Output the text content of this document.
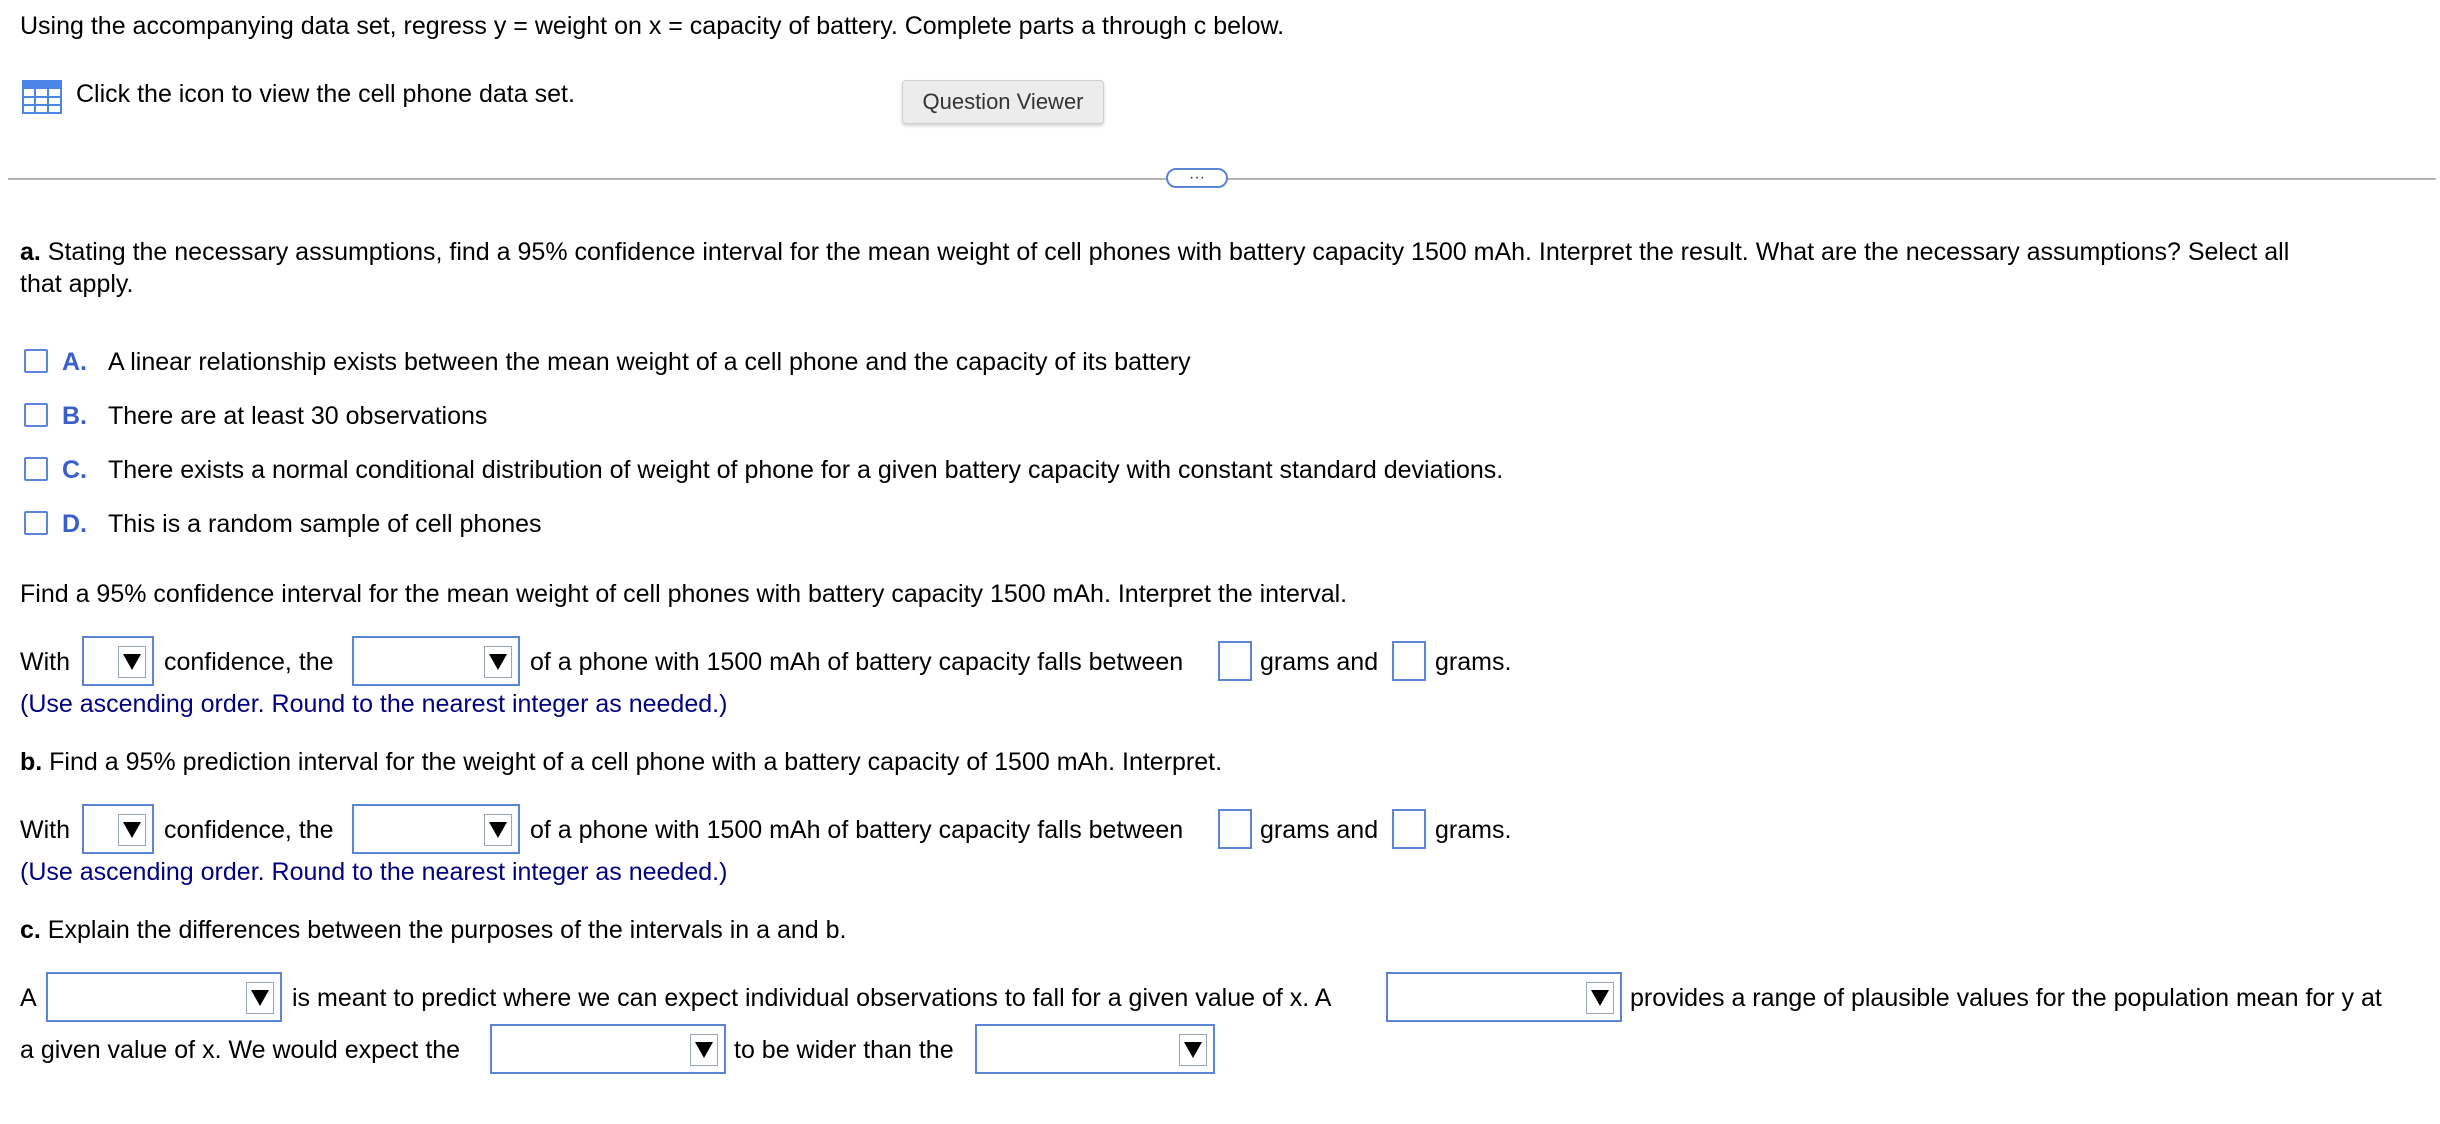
Using the accompanying data set, regress y = weight on x = capacity of battery. Complete parts a through c below.
Click the icon to view the cell phone data set.	Question Viewer
···
a. Stating the necessary assumptions, find a 95% confidence interval for the mean weight of cell phones with battery capacity 1500 mAh. Interpret the result. What are the necessary assumptions? Select all
that apply.
A. A linear relationship exists between the mean weight of a cell phone and the capacity of its battery
B. There are at least 30 observations
C. There exists a normal conditional distribution of weight of phone for a given battery capacity with constant standard deviations.
D. This is a random sample of cell phones
Find a 95% confidence interval for the mean weight of cell phones with battery capacity 1500 mAh. Interpret the interval.
With	confidence, the	of a phone with 1500 mAh of battery capacity falls between	grams and grams.
(Use ascending order. Round to the nearest integer as needed.)
b. Find a 95% prediction interval for the weight of a cell phone with a battery capacity of 1500 mAh. Interpret.
With	confidence, the	of a phone with 1500 mAh of battery capacity falls between	grams and grams.
(Use ascending order. Round to the nearest integer as needed.)
c. Explain the differences between the purposes of the intervals in a and b.
A	is meant to predict where we can expect individual observations to fall for a given value of x. A	provides a range of plausible values for the population mean for y at
a given value of x. We would expect the	to be wider than the
